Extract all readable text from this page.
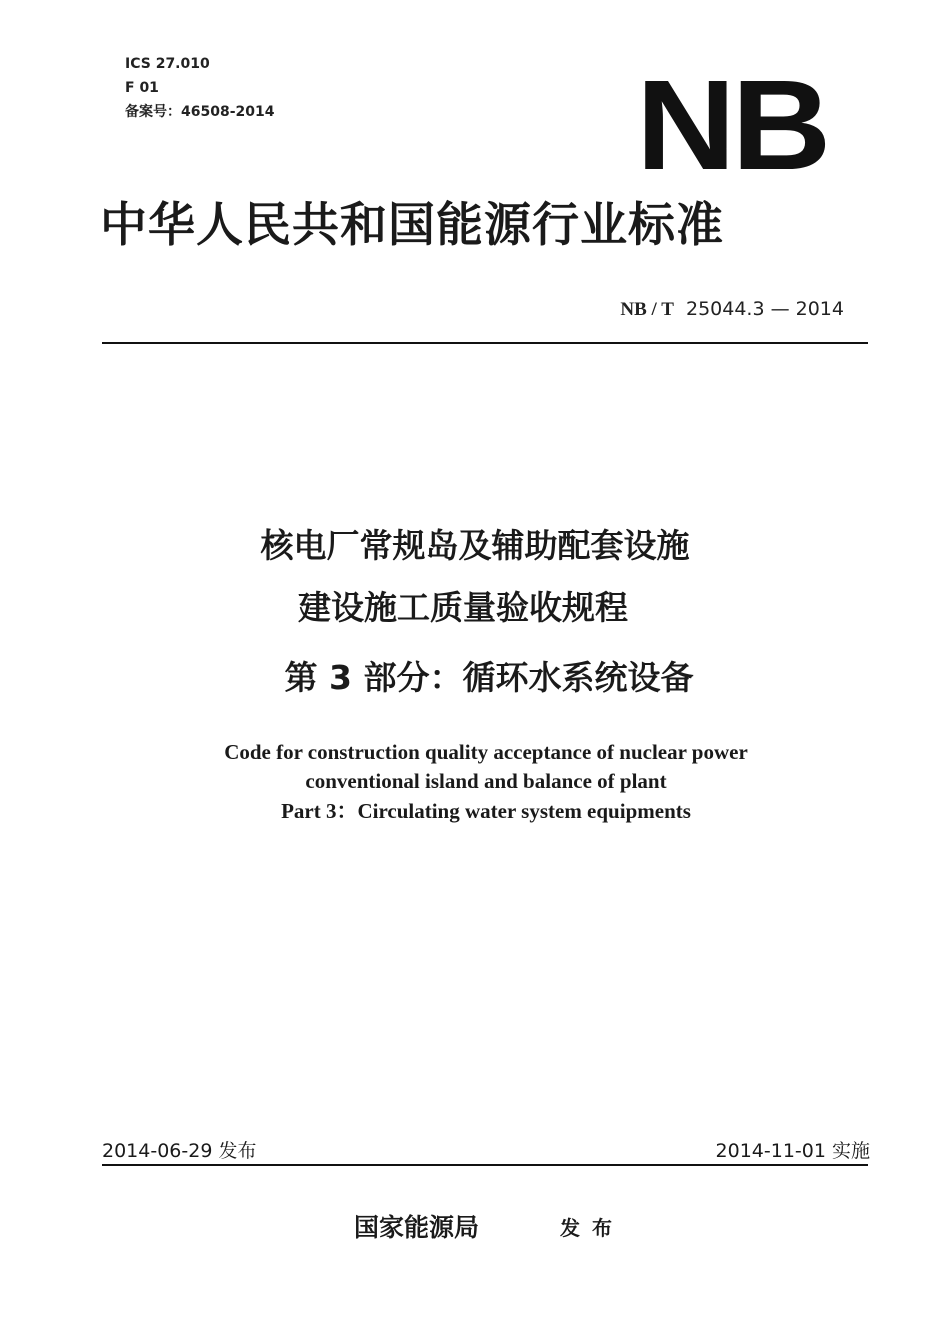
ICS 27.010
F 01
备案号：46508-2014	NB
中华人民共和国能源行业标准
NB / T 25044.3 — 2014
核电厂常规岛及辅助配套设施
建设施工质量验收规程
第 3 部分：循环水系统设备
Code for construction quality acceptance of nuclear power
conventional island and balance of plant
Part 3：Circulating water system equipments
2014-06-29 发布	2014-11-01 实施
国家能源局	发布
